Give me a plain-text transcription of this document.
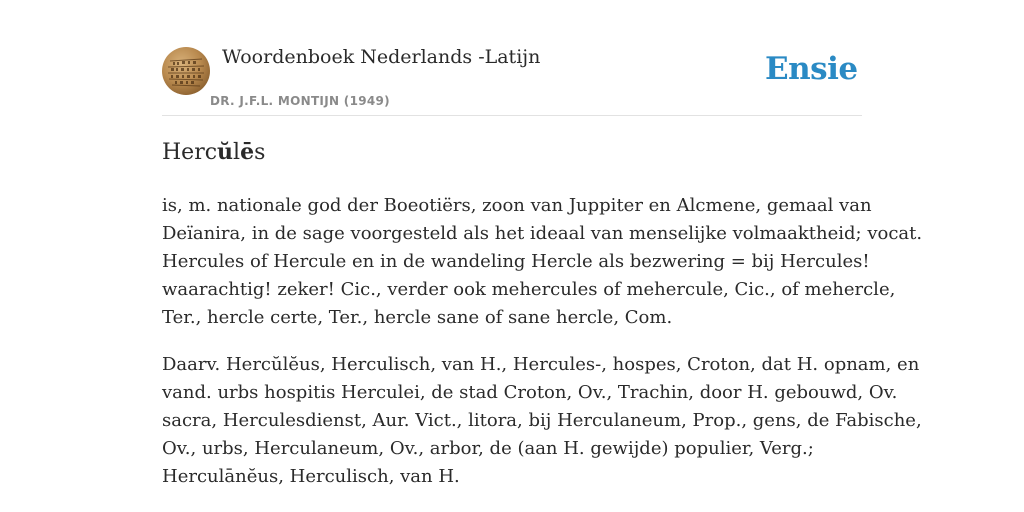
Woordenboek Nederlands -Latijn
DR. J.F.L. MONTIJN (1949)
Ensie
Hercŭlēs

is, m. nationale god der Boeotiërs, zoon van Juppiter en Alcmene, gemaal van
Deïanira, in de sage voorgesteld als het ideaal van menselijke volmaaktheid; vocat.
Hercules of Hercule en in de wandeling Hercle als bezwering = bij Hercules!
waarachtig! zeker! Cic., verder ook mehercules of mehercule, Cic., of mehercle,
Ter., hercle certe, Ter., hercle sane of sane hercle, Com.

Daarv. Hercŭlĕus, Herculisch, van H., Hercules-, hospes, Croton, dat H. opnam, en
vand. urbs hospitis Herculei, de stad Croton, Ov., Trachin, door H. gebouwd, Ov.
sacra, Herculesdienst, Aur. Vict., litora, bij Herculaneum, Prop., gens, de Fabische,
Ov., urbs, Herculaneum, Ov., arbor, de (aan H. gewijde) populier, Verg.;
Herculānĕus, Herculisch, van H.
